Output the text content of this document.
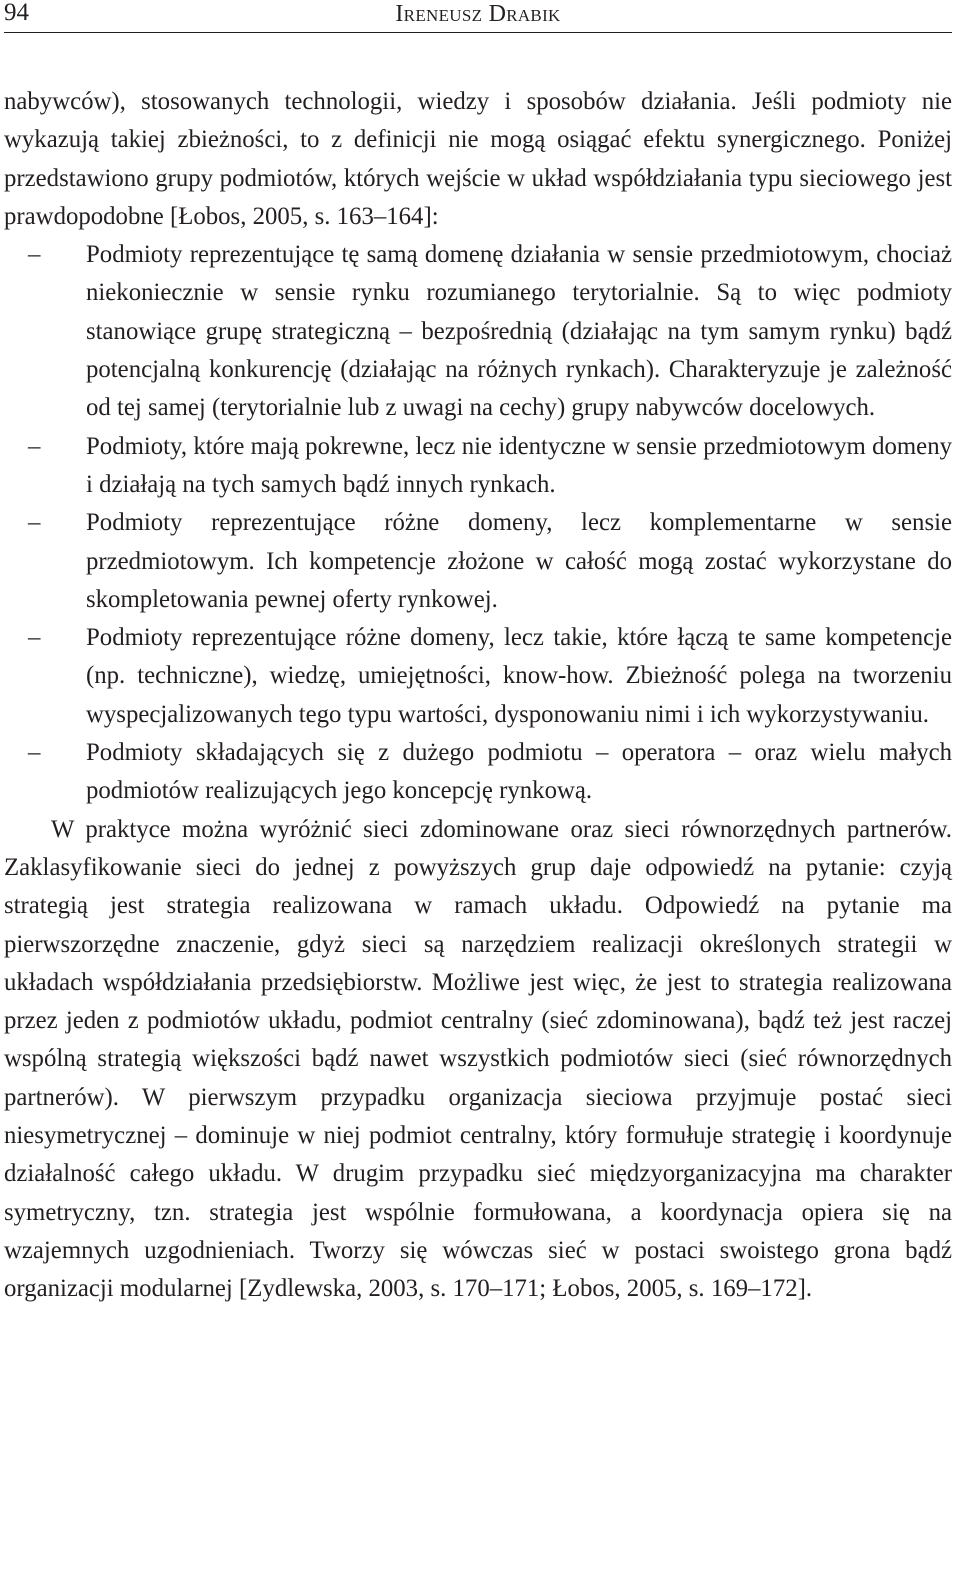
94	Ireneusz Drabik

nabywców), stosowanych technologii, wiedzy i sposobów działania. Jeśli podmioty nie wykazują takiej zbieżności, to z definicji nie mogą osiągać efektu synergicznego. Poniżej przedstawiono grupy podmiotów, których wejście w układ współdziałania typu sieciowego jest prawdopodobne [Łobos, 2005, s. 163–164]:

–	Podmioty reprezentujące tę samą domenę działania w sensie przedmiotowym, chociaż niekoniecznie w sensie rynku rozumianego terytorialnie. Są to więc podmioty stanowiące grupę strategiczną – bezpośrednią (działając na tym samym rynku) bądź potencjalną konkurencję (działając na różnych rynkach). Charakteryzuje je zależność od tej samej (terytorialnie lub z uwagi na cechy) grupy nabywców docelowych.
–	Podmioty, które mają pokrewne, lecz nie identyczne w sensie przedmiotowym domeny i działają na tych samych bądź innych rynkach.
–	Podmioty reprezentujące różne domeny, lecz komplementarne w sensie przedmiotowym. Ich kompetencje złożone w całość mogą zostać wykorzystane do skompletowania pewnej oferty rynkowej.
–	Podmioty reprezentujące różne domeny, lecz takie, które łączą te same kompetencje (np. techniczne), wiedzę, umiejętności, know-how. Zbieżność polega na tworzeniu wyspecjalizowanych tego typu wartości, dysponowaniu nimi i ich wykorzystywaniu.
–	Podmioty składających się z dużego podmiotu – operatora – oraz wielu małych podmiotów realizujących jego koncepcję rynkową.

W praktyce można wyróżnić sieci zdominowane oraz sieci równorzędnych partnerów. Zaklasyfikowanie sieci do jednej z powyższych grup daje odpowiedź na pytanie: czyją strategią jest strategia realizowana w ramach układu. Odpowiedź na pytanie ma pierwszorzędne znaczenie, gdyż sieci są narzędziem realizacji określonych strategii w układach współdziałania przedsiębiorstw. Możliwe jest więc, że jest to strategia realizowana przez jeden z podmiotów układu, podmiot centralny (sieć zdominowana), bądź też jest raczej wspólną strategią większości bądź nawet wszystkich podmiotów sieci (sieć równorzędnych partnerów). W pierwszym przypadku organizacja sieciowa przyjmuje postać sieci niesymetrycznej – dominuje w niej podmiot centralny, który formułuje strategię i koordynuje działalność całego układu. W drugim przypadku sieć międzyorganizacyjna ma charakter symetryczny, tzn. strategia jest wspólnie formułowana, a koordynacja opiera się na wzajemnych uzgodnieniach. Tworzy się wówczas sieć w postaci swoistego grona bądź organizacji modularnej [Zydlewska, 2003, s. 170–171; Łobos, 2005, s. 169–172].
